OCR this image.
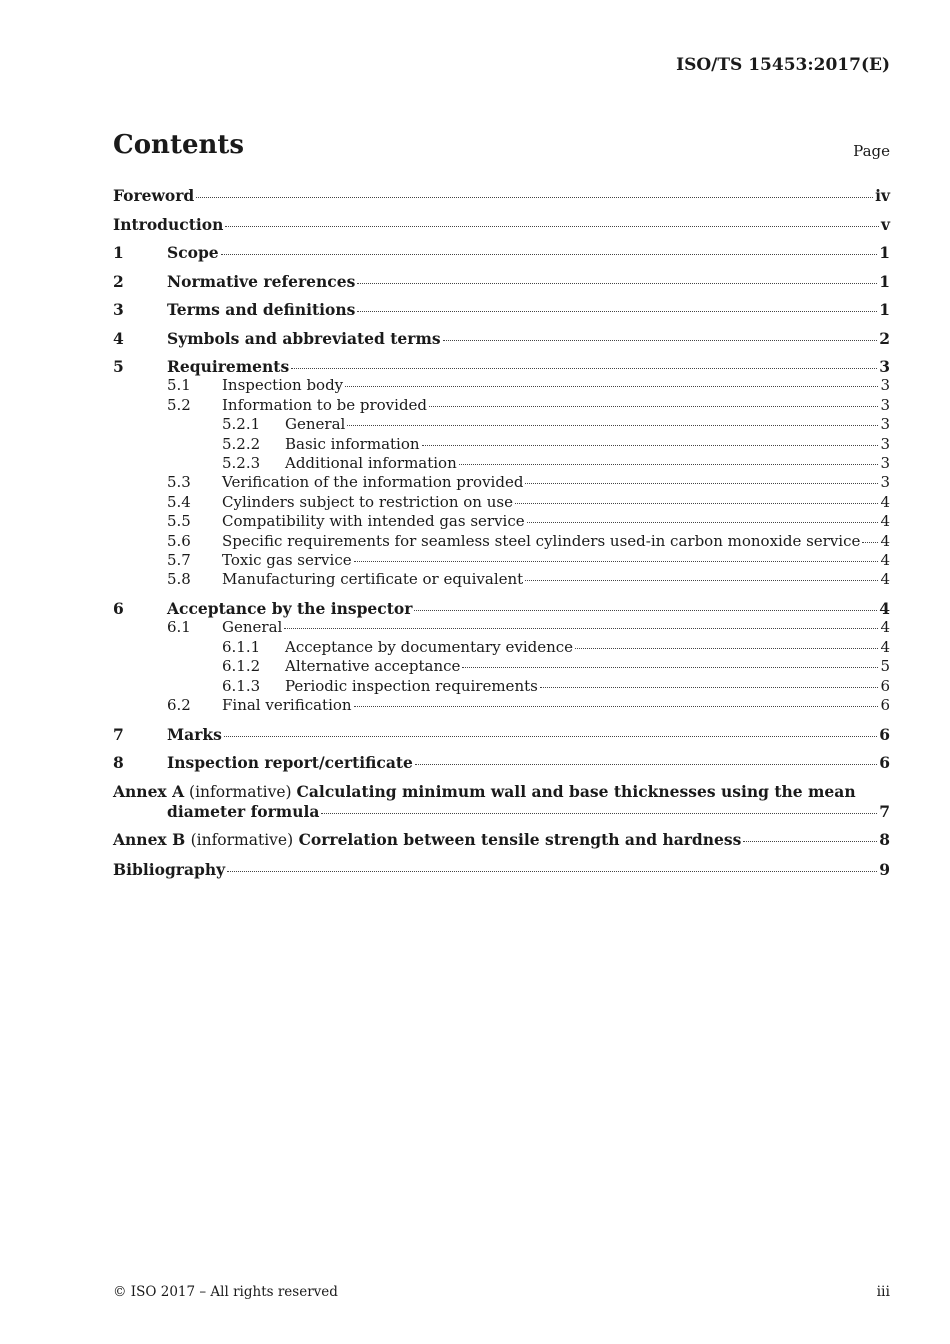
ISO/TS 15453:2017(E)
Contents	Page
Foreword	iv
Introduction	v
1	Scope	1
2	Normative references	1
3	Terms and definitions	1
4	Symbols and abbreviated terms	2
5	Requirements	3
5.1	Inspection body	3
5.2	Information to be provided	3
5.2.1	General	3
5.2.2	Basic information	3
5.2.3	Additional information	3
5.3	Verification of the information provided	3
5.4	Cylinders subject to restriction on use	4
5.5	Compatibility with intended gas service	4
5.6	Specific requirements for seamless steel cylinders used-in carbon monoxide service 4
5.7	Toxic gas service	4
5.8	Manufacturing certificate or equivalent	4
6	Acceptance by the inspector	4
6.1	General	4
6.1.1	Acceptance by documentary evidence	4
6.1.2	Alternative acceptance	5
6.1.3	Periodic inspection requirements	6
6.2	Final verification	6
7	Marks	6
8	Inspection report/certificate	6
Annex A (informative) Calculating minimum wall and base thicknesses using the mean
diameter formula	7
Annex B (informative) Correlation between tensile strength and hardness	8
Bibliography	9
© ISO 2017 – All rights reserved	iii
